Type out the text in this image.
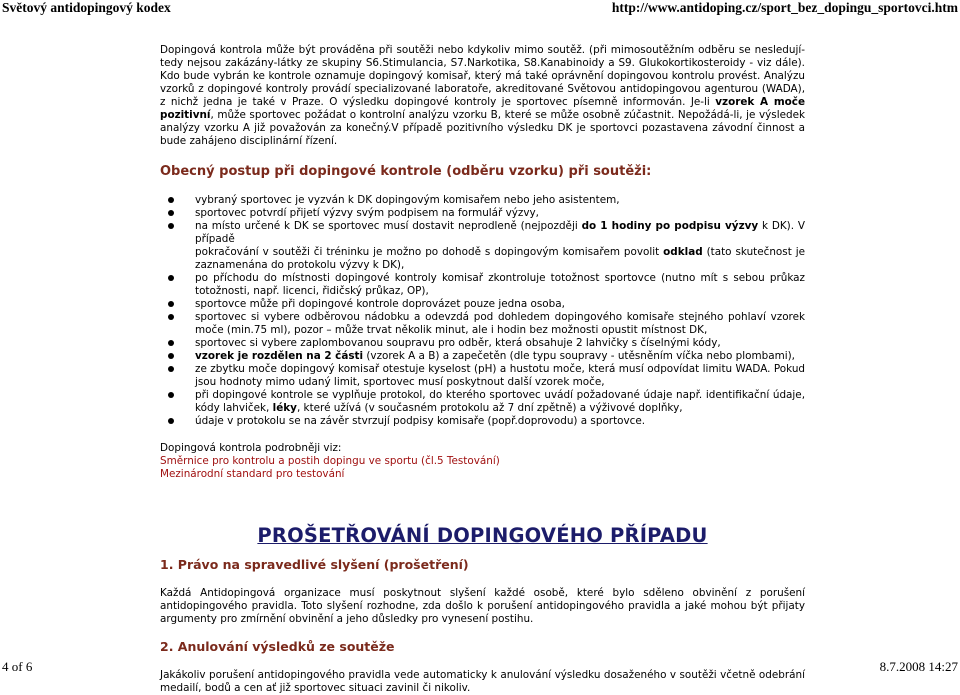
Světový antidopingový kodex	http://www.antidoping.cz/sport_bez_dopingu_sportovci.htm

Dopingová kontrola může být prováděna při soutěži nebo kdykoliv mimo soutěž. (při mimosoutěžním odběru se nesledují-tedy nejsou zakázány-látky ze skupiny S6.Stimulancia, S7.Narkotika, S8.Kanabinoidy a S9. Glukokortikosteroidy - viz dále). Kdo bude vybrán ke kontrole oznamuje dopingový komisař, který má také oprávnění dopingovou kontrolu provést. Analýzu vzorků z dopingové kontroly provádí specializované laboratoře, akreditované Světovou antidopingovou agenturou (WADA), z nichž jedna je také v Praze. O výsledku dopingové kontroly je sportovec písemně informován. Je-li vzorek A moče pozitivní, může sportovec požádat o kontrolní analýzu vzorku B, které se může osobně zúčastnit. Nepožádá-li, je výsledek analýzy vzorku A již považován za konečný.V případě pozitivního výsledku DK je sportovci pozastavena závodní činnost a bude zahájeno disciplinární řízení.

Obecný postup při dopingové kontrole (odběru vzorku) při soutěži:
vybraný sportovec je vyzván k DK dopingovým komisařem nebo jeho asistentem,
sportovec potvrdí přijetí výzvy svým podpisem na formulář výzvy,
na místo určené k DK se sportovec musí dostavit neprodleně (nejpozději do 1 hodiny po podpisu výzvy k DK). V případě
pokračování v soutěži či tréninku je možno po dohodě s dopingovým komisařem povolit odklad (tato skutečnost je zaznamenána do protokolu výzvy k DK),
po příchodu do místnosti dopingové kontroly komisař zkontroluje totožnost sportovce (nutno mít s sebou průkaz totožnosti, např. licenci, řidičský průkaz, OP),
sportovce může při dopingové kontrole doprovázet pouze jedna osoba,
sportovec si vybere odběrovou nádobku a odevzdá pod dohledem dopingového komisaře stejného pohlaví vzorek moče (min.75 ml), pozor – může trvat několik minut, ale i hodin bez možnosti opustit místnost DK,
sportovec si vybere zaplombovanou soupravu pro odběr, která obsahuje 2 lahvičky s číselnými kódy,
vzorek je rozdělen na 2 části (vzorek A a B) a zapečetěn (dle typu soupravy - utěsněním víčka nebo plombami),
ze zbytku moče dopingový komisař otestuje kyselost (pH) a hustotu moče, která musí odpovídat limitu WADA. Pokud jsou hodnoty mimo udaný limit, sportovec musí poskytnout další vzorek moče,
při dopingové kontrole se vyplňuje protokol, do kterého sportovec uvádí požadované údaje např. identifikační údaje, kódy lahviček, léky, které užívá (v současném protokolu až 7 dní zpětně) a výživové doplňky,
údaje v protokolu se na závěr stvrzují podpisy komisaře (popř.doprovodu) a sportovce.
Dopingová kontrola podrobněji viz:
Směrnice pro kontrolu a postih dopingu ve sportu (čl.5 Testování)
Mezinárodní standard pro testování
PROŠETŘOVÁNÍ DOPINGOVÉHO PŘÍPADU
1. Právo na spravedlivé slyšení (prošetření)
Každá Antidopingová organizace musí poskytnout slyšení každé osobě, které bylo sděleno obvinění z porušení antidopingového pravidla. Toto slyšení rozhodne, zda došlo k porušení antidopingového pravidla a jaké mohou být přijaty argumenty pro zmírnění obvinění a jeho důsledky pro vynesení postihu.
2. Anulování výsledků ze soutěže
Jakákoliv porušení antidopingového pravidla vede automaticky k anulování výsledku dosaženého v soutěži včetně odebrání medailí, bodů a cen ať již sportovec situaci zavinil či nikoliv.
4 of 6	8.7.2008 14:27
